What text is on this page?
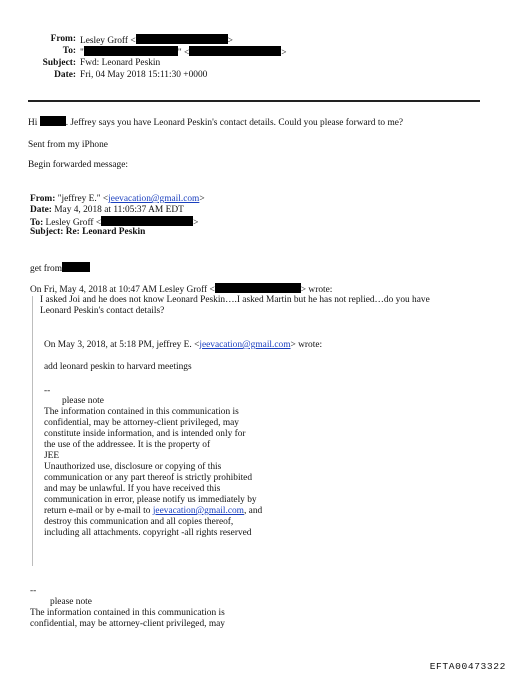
From: Lesley Groff <	>
To: "	" <	>
Subject: Fwd: Leonard Peskin
Date: Fri, 04 May 2018 15:11:30 +0000
Hi	. Jeffrey says you have Leonard Peskin's contact details. Could you please forward to me?
Sent from my iPhone
Begin forwarded message:
From: "jeffrey E." <jeevacation@gmail.com>
Date: May 4, 2018 at 11:05:37 AM EDT
To: Lesley Groff <	>
Subject: Re: Leonard Peskin
get from
On Fri, May 4, 2018 at 10:47 AM Lesley Groff <	> wrote:
I asked Joi and he does not know Leonard Peskin….I asked Martin but he has not replied…do you have
Leonard Peskin's contact details?
On May 3, 2018, at 5:18 PM, jeffrey E. <jeevacation@gmail.com> wrote:
add leonard peskin to harvard meetings
--
please note
The information contained in this communication is
confidential, may be attorney-client privileged, may
constitute inside information, and is intended only for
the use of the addressee. It is the property of
JEE
Unauthorized use, disclosure or copying of this
communication or any part thereof is strictly prohibited
and may be unlawful. If you have received this
communication in error, please notify us immediately by
return e-mail or by e-mail to jeevacation@gmail.com, and
destroy this communication and all copies thereof,
including all attachments. copyright -all rights reserved
--
please note
The information contained in this communication is
confidential, may be attorney-client privileged, may
EFTA00473322
